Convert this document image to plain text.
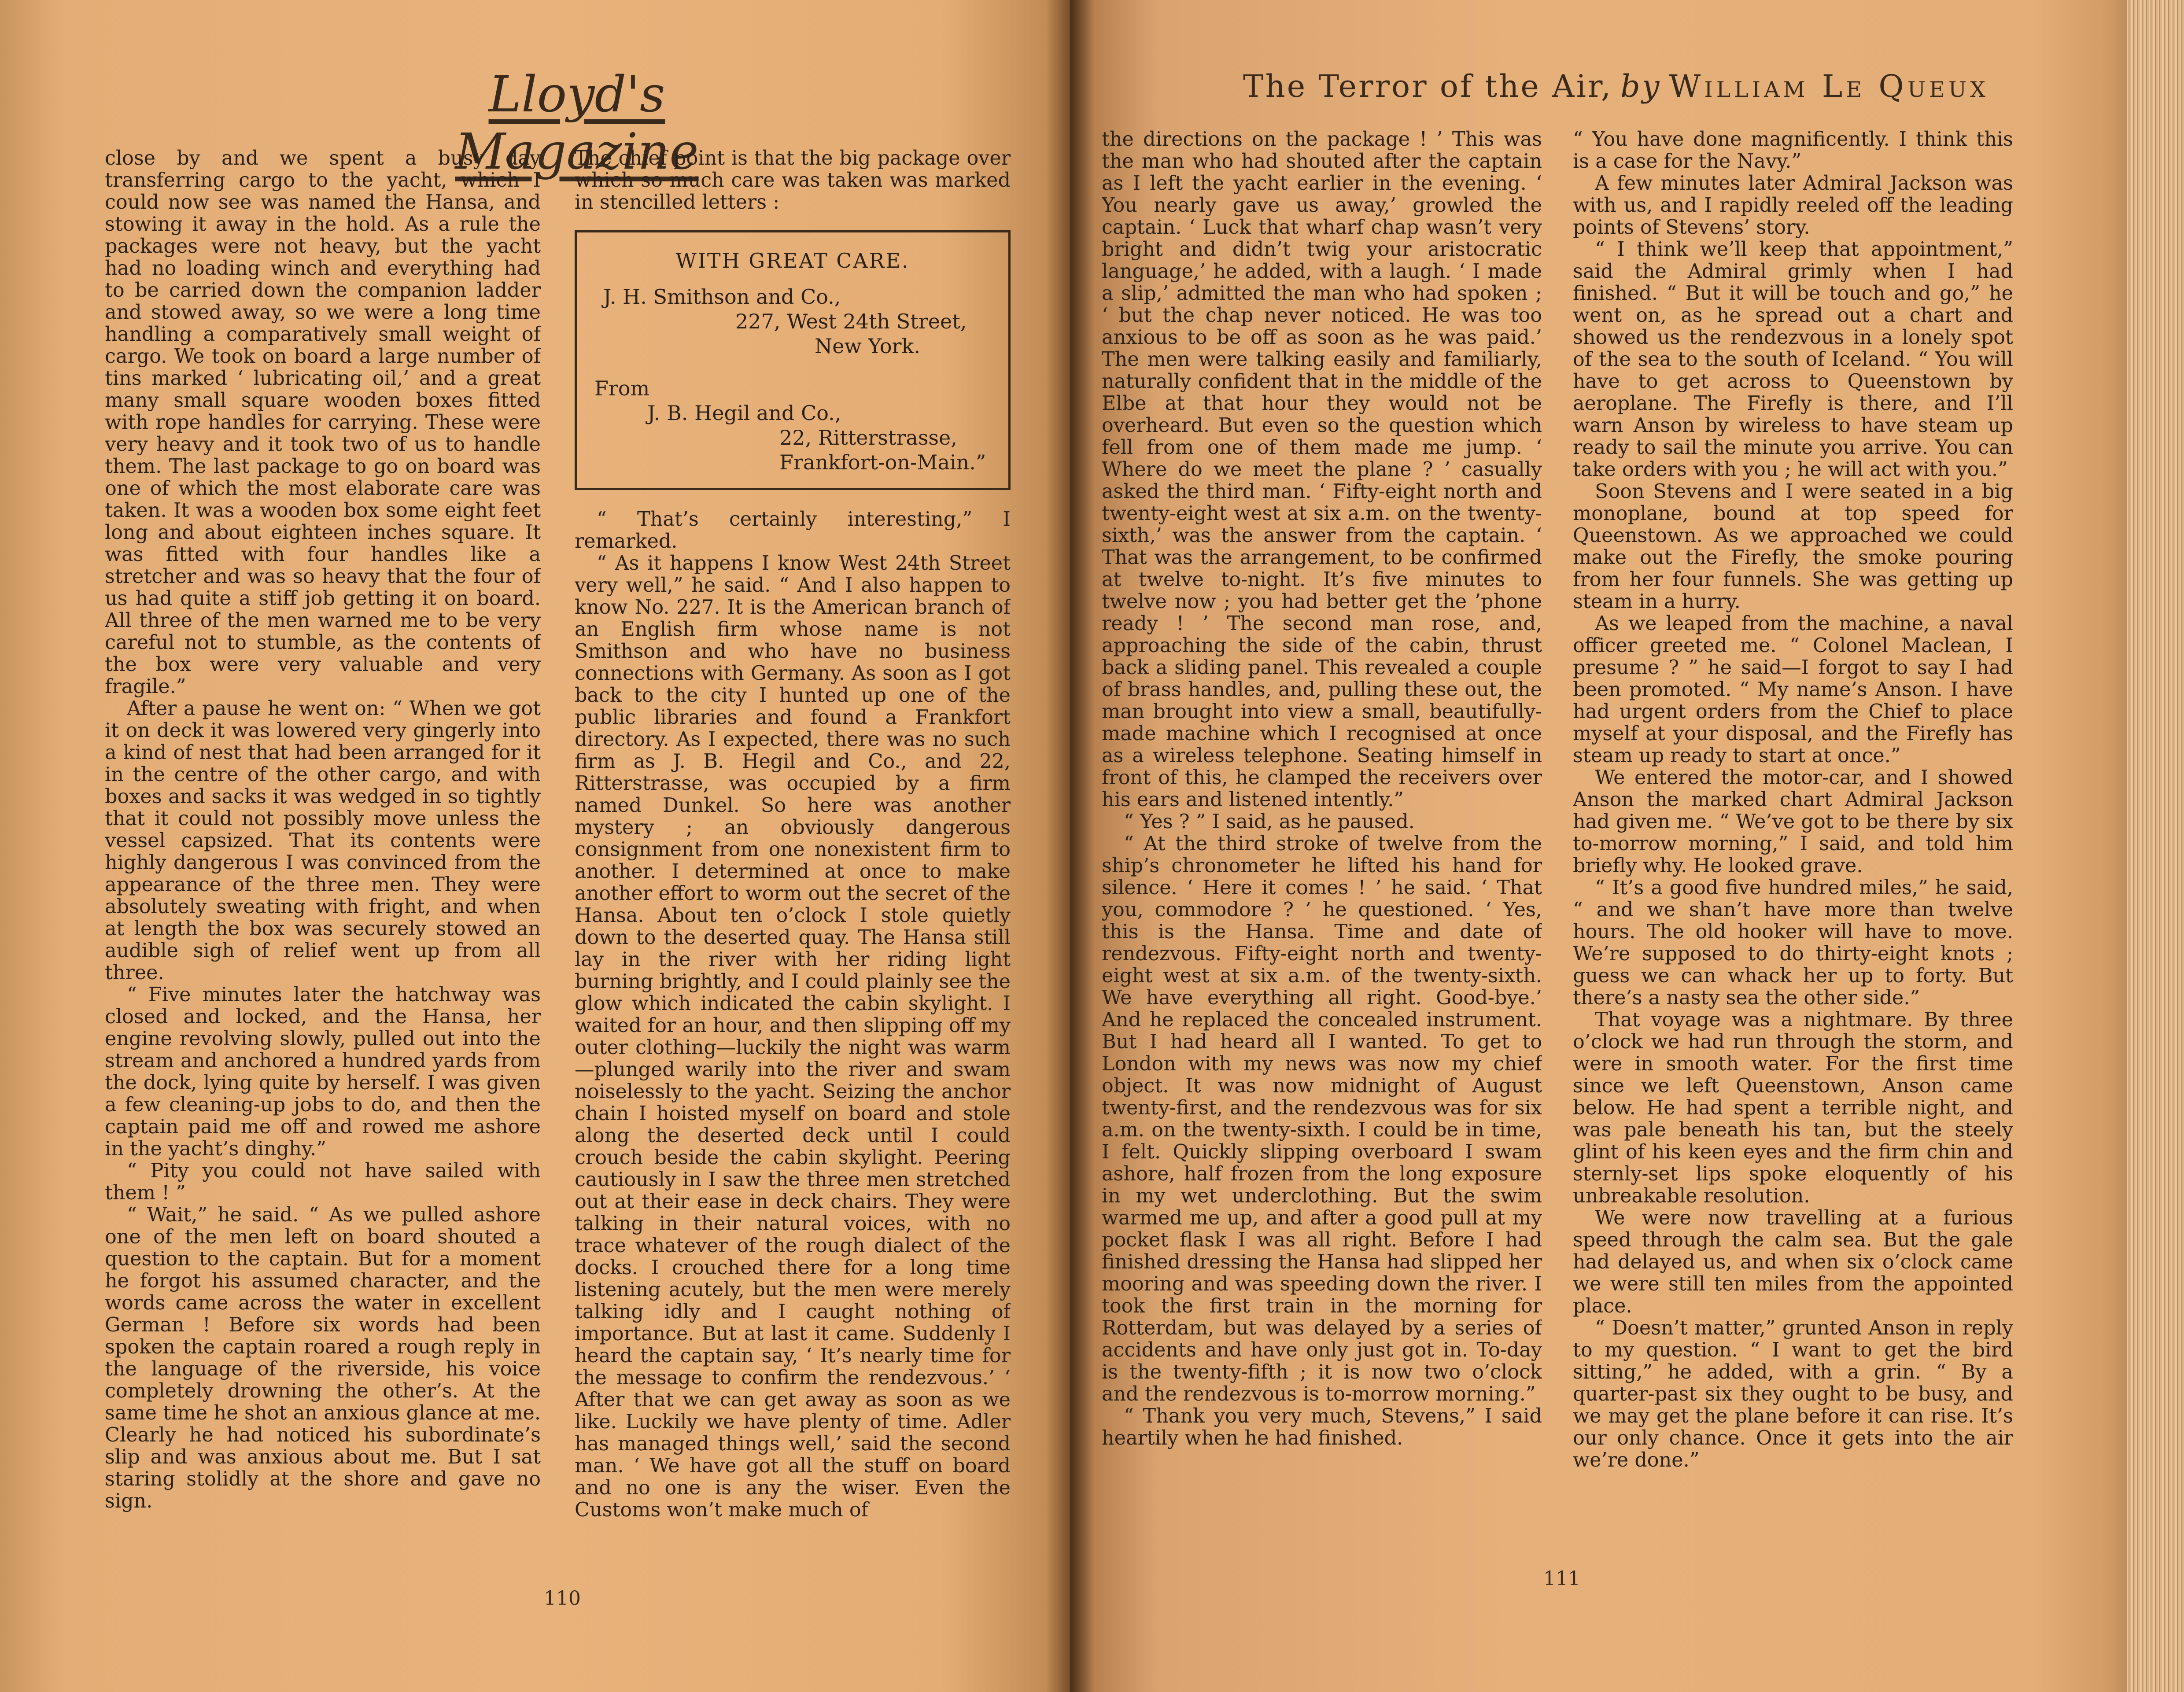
Lloyd's Magazine

close by and we spent a busy day transferring cargo to the yacht, which I could now see was named the Hansa, and stowing it away in the hold. As a rule the packages were not heavy, but the yacht had no loading winch and everything had to be carried down the companion ladder and stowed away, so we were a long time handling a comparatively small weight of cargo. We took on board a large number of tins marked ‘ lubricating oil,’ and a great many small square wooden boxes fitted with rope handles for carrying. These were very heavy and it took two of us to handle them. The last package to go on board was one of which the most elaborate care was taken. It was a wooden box some eight feet long and about eighteen inches square. It was fitted with four handles like a stretcher and was so heavy that the four of us had quite a stiff job getting it on board. All three of the men warned me to be very careful not to stumble, as the contents of the box were very valuable and very fragile.”

After a pause he went on: “ When we got it on deck it was lowered very gingerly into a kind of nest that had been arranged for it in the centre of the other cargo, and with boxes and sacks it was wedged in so tightly that it could not possibly move unless the vessel capsized. That its contents were highly dangerous I was convinced from the appearance of the three men. They were absolutely sweating with fright, and when at length the box was securely stowed an audible sigh of relief went up from all three.

“ Five minutes later the hatchway was closed and locked, and the Hansa, her engine revolving slowly, pulled out into the stream and anchored a hundred yards from the dock, lying quite by herself. I was given a few cleaning-up jobs to do, and then the captain paid me off and rowed me ashore in the yacht’s dinghy.”

“ Pity you could not have sailed with them ! ”

“ Wait,” he said. “ As we pulled ashore one of the men left on board shouted a question to the captain. But for a moment he forgot his assumed character, and the words came across the water in excellent German ! Before six words had been spoken the captain roared a rough reply in the language of the riverside, his voice completely drowning the other’s. At the same time he shot an anxious glance at me. Clearly he had noticed his subordinate’s slip and was anxious about me. But I sat staring stolidly at the shore and gave no sign.

The chief point is that the big package over which so much care was taken was marked in stencilled letters :

WITH GREAT CARE.
J. H. Smithson and Co.,
227, West 24th Street,
New York.
From
J. B. Hegil and Co.,
22, Ritterstrasse,
Frankfort-on-Main.”

“ That’s certainly interesting,” I remarked.

“ As it happens I know West 24th Street very well,” he said. “ And I also happen to know No. 227. It is the American branch of an English firm whose name is not Smithson and who have no business connections with Germany. As soon as I got back to the city I hunted up one of the public libraries and found a Frankfort directory. As I expected, there was no such firm as J. B. Hegil and Co., and 22, Ritterstrasse, was occupied by a firm named Dunkel. So here was another mystery ; an obviously dangerous consignment from one nonexistent firm to another. I determined at once to make another effort to worm out the secret of the Hansa. About ten o’clock I stole quietly down to the deserted quay. The Hansa still lay in the river with her riding light burning brightly, and I could plainly see the glow which indicated the cabin skylight. I waited for an hour, and then slipping off my outer clothing—luckily the night was warm—plunged warily into the river and swam noiselessly to the yacht. Seizing the anchor chain I hoisted myself on board and stole along the deserted deck until I could crouch beside the cabin skylight. Peering cautiously in I saw the three men stretched out at their ease in deck chairs. They were talking in their natural voices, with no trace whatever of the rough dialect of the docks. I crouched there for a long time listening acutely, but the men were merely talking idly and I caught nothing of importance. But at last it came. Suddenly I heard the captain say, ‘ It’s nearly time for the message to confirm the rendezvous.’ ‘ After that we can get away as soon as we like. Luckily we have plenty of time. Adler has managed things well,’ said the second man. ‘ We have got all the stuff on board and no one is any the wiser. Even the Customs won’t make much of

110
The Terror of the Air, by William Le Queux

the directions on the package ! ’ This was the man who had shouted after the captain as I left the yacht earlier in the evening. ‘ You nearly gave us away,’ growled the captain. ‘ Luck that wharf chap wasn’t very bright and didn’t twig your aristocratic language,’ he added, with a laugh. ‘ I made a slip,’ admitted the man who had spoken ; ‘ but the chap never noticed. He was too anxious to be off as soon as he was paid.’ The men were talking easily and familiarly, naturally confident that in the middle of the Elbe at that hour they would not be overheard. But even so the question which fell from one of them made me jump. ‘ Where do we meet the plane ? ’ casually asked the third man. ‘ Fifty-eight north and twenty-eight west at six a.m. on the twenty-sixth,’ was the answer from the captain. ‘ That was the arrangement, to be confirmed at twelve to-night. It’s five minutes to twelve now ; you had better get the ’phone ready ! ’ The second man rose, and, approaching the side of the cabin, thrust back a sliding panel. This revealed a couple of brass handles, and, pulling these out, the man brought into view a small, beautifully-made machine which I recognised at once as a wireless telephone. Seating himself in front of this, he clamped the receivers over his ears and listened intently.”

“ Yes ? ” I said, as he paused.

“ At the third stroke of twelve from the ship’s chronometer he lifted his hand for silence. ‘ Here it comes ! ’ he said. ‘ That you, commodore ? ’ he questioned. ‘ Yes, this is the Hansa. Time and date of rendezvous. Fifty-eight north and twenty-eight west at six a.m. of the twenty-sixth. We have everything all right. Good-bye.’ And he replaced the concealed instrument. But I had heard all I wanted. To get to London with my news was now my chief object. It was now midnight of August twenty-first, and the rendezvous was for six a.m. on the twenty-sixth. I could be in time, I felt. Quickly slipping overboard I swam ashore, half frozen from the long exposure in my wet underclothing. But the swim warmed me up, and after a good pull at my pocket flask I was all right. Before I had finished dressing the Hansa had slipped her mooring and was speeding down the river. I took the first train in the morning for Rotterdam, but was delayed by a series of accidents and have only just got in. To-day is the twenty-fifth ; it is now two o’clock and the rendezvous is to-morrow morning.”

“ Thank you very much, Stevens,” I said heartily when he had finished.

“ You have done magnificently. I think this is a case for the Navy.”

A few minutes later Admiral Jackson was with us, and I rapidly reeled off the leading points of Stevens’ story.

“ I think we’ll keep that appointment,” said the Admiral grimly when I had finished. “ But it will be touch and go,” he went on, as he spread out a chart and showed us the rendezvous in a lonely spot of the sea to the south of Iceland. “ You will have to get across to Queenstown by aeroplane. The Firefly is there, and I’ll warn Anson by wireless to have steam up ready to sail the minute you arrive. You can take orders with you ; he will act with you.”

Soon Stevens and I were seated in a big monoplane, bound at top speed for Queenstown. As we approached we could make out the Firefly, the smoke pouring from her four funnels. She was getting up steam in a hurry.

As we leaped from the machine, a naval officer greeted me. “ Colonel Maclean, I presume ? ” he said—I forgot to say I had been promoted. “ My name’s Anson. I have had urgent orders from the Chief to place myself at your disposal, and the Firefly has steam up ready to start at once.”

We entered the motor-car, and I showed Anson the marked chart Admiral Jackson had given me. “ We’ve got to be there by six to-morrow morning,” I said, and told him briefly why. He looked grave.

“ It’s a good five hundred miles,” he said, “ and we shan’t have more than twelve hours. The old hooker will have to move. We’re supposed to do thirty-eight knots ; guess we can whack her up to forty. But there’s a nasty sea the other side.”

That voyage was a nightmare. By three o’clock we had run through the storm, and were in smooth water. For the first time since we left Queenstown, Anson came below. He had spent a terrible night, and was pale beneath his tan, but the steely glint of his keen eyes and the firm chin and sternly-set lips spoke eloquently of his unbreakable resolution.

We were now travelling at a furious speed through the calm sea. But the gale had delayed us, and when six o’clock came we were still ten miles from the appointed place.

“ Doesn’t matter,” grunted Anson in reply to my question. “ I want to get the bird sitting,” he added, with a grin. “ By a quarter-past six they ought to be busy, and we may get the plane before it can rise. It’s our only chance. Once it gets into the air we’re done.”

111
